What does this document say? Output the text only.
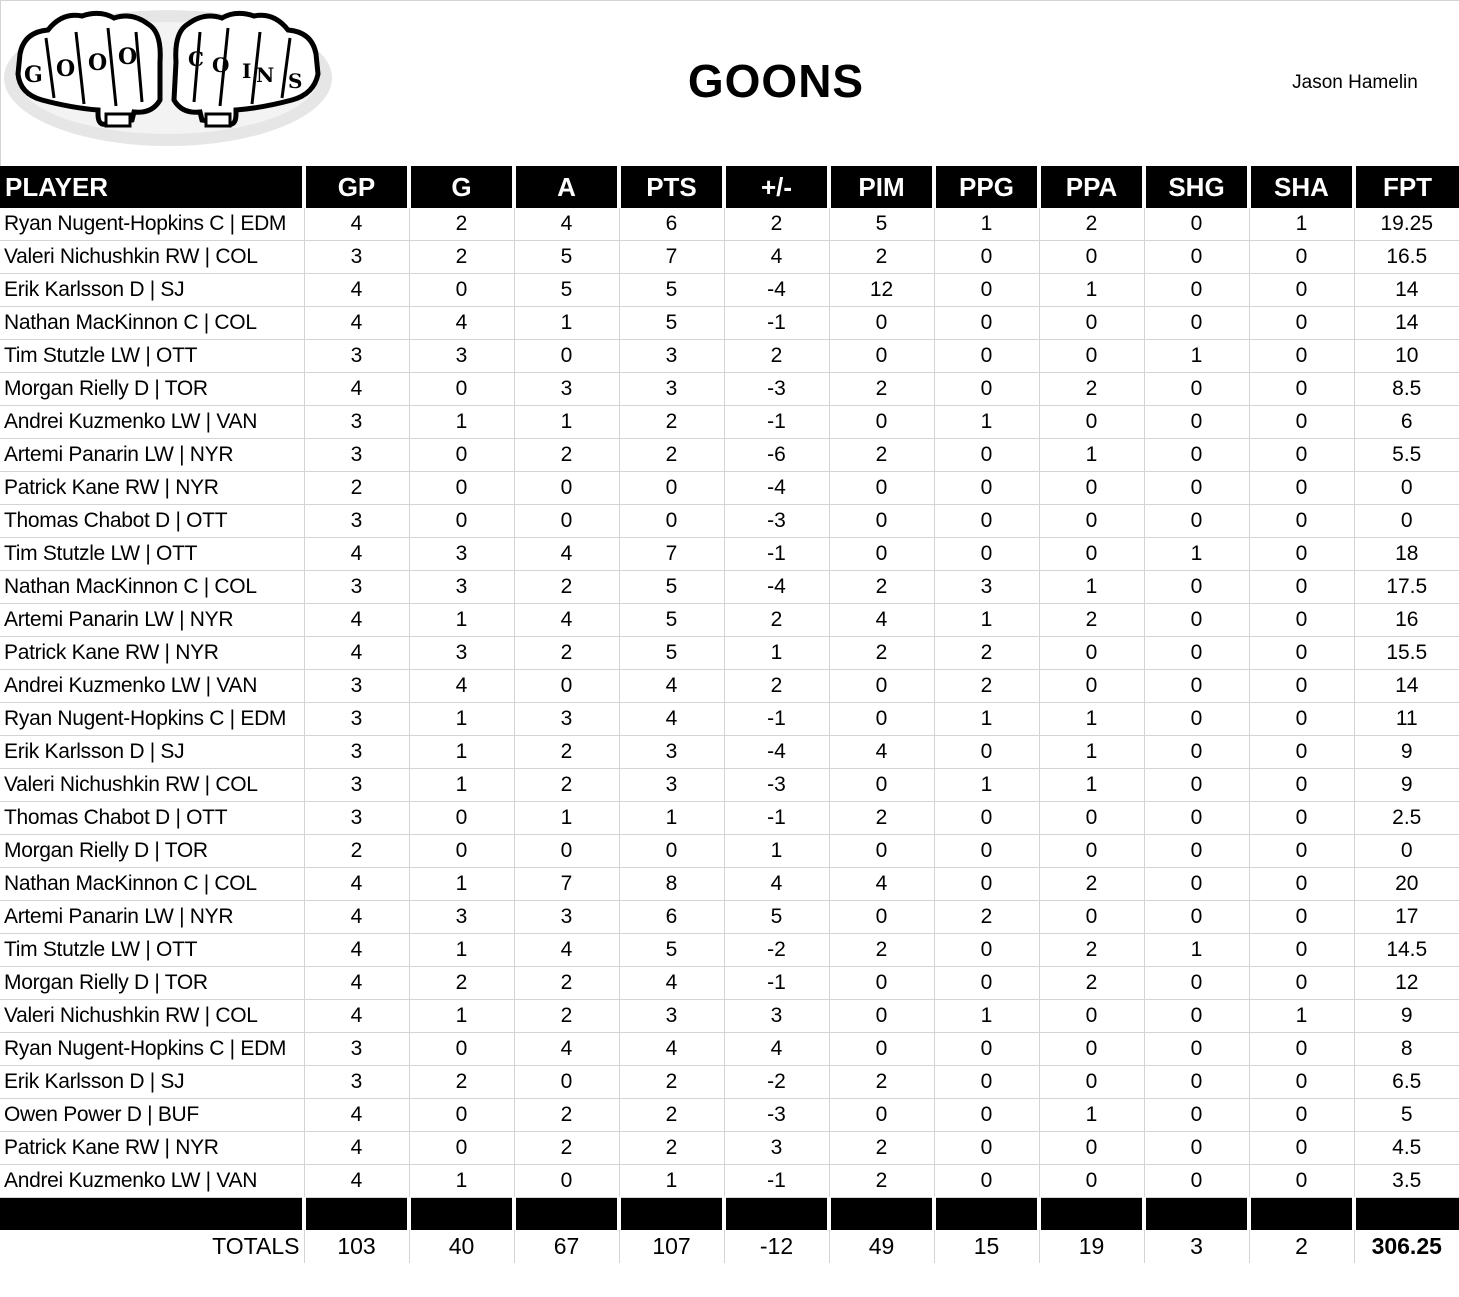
G O O O	C O I N S	GOONS	Jason Hamelin
PLAYER	GP	G	A	PTS	+/-	PIM	PPG	PPA	SHG	SHA	FPT
Ryan Nugent-Hopkins C | EDM	4	2	4	6	2	5	1	2	0	1	19.25
Valeri Nichushkin RW | COL	3	2	5	7	4	2	0	0	0	0	16.5
Erik Karlsson D | SJ	4	0	5	5	-4	12	0	1	0	0	14
Nathan MacKinnon C | COL	4	4	1	5	-1	0	0	0	0	0	14
Tim Stutzle LW | OTT	3	3	0	3	2	0	0	0	1	0	10
Morgan Rielly D | TOR	4	0	3	3	-3	2	0	2	0	0	8.5
Andrei Kuzmenko LW | VAN	3	1	1	2	-1	0	1	0	0	0	6
Artemi Panarin LW | NYR	3	0	2	2	-6	2	0	1	0	0	5.5
Patrick Kane RW | NYR	2	0	0	0	-4	0	0	0	0	0	0
Thomas Chabot D | OTT	3	0	0	0	-3	0	0	0	0	0	0
Tim Stutzle LW | OTT	4	3	4	7	-1	0	0	0	1	0	18
Nathan MacKinnon C | COL	3	3	2	5	-4	2	3	1	0	0	17.5
Artemi Panarin LW | NYR	4	1	4	5	2	4	1	2	0	0	16
Patrick Kane RW | NYR	4	3	2	5	1	2	2	0	0	0	15.5
Andrei Kuzmenko LW | VAN	3	4	0	4	2	0	2	0	0	0	14
Ryan Nugent-Hopkins C | EDM	3	1	3	4	-1	0	1	1	0	0	11
Erik Karlsson D | SJ	3	1	2	3	-4	4	0	1	0	0	9
Valeri Nichushkin RW | COL	3	1	2	3	-3	0	1	1	0	0	9
Thomas Chabot D | OTT	3	0	1	1	-1	2	0	0	0	0	2.5
Morgan Rielly D | TOR	2	0	0	0	1	0	0	0	0	0	0
Nathan MacKinnon C | COL	4	1	7	8	4	4	0	2	0	0	20
Artemi Panarin LW | NYR	4	3	3	6	5	0	2	0	0	0	17
Tim Stutzle LW | OTT	4	1	4	5	-2	2	0	2	1	0	14.5
Morgan Rielly D | TOR	4	2	2	4	-1	0	0	2	0	0	12
Valeri Nichushkin RW | COL	4	1	2	3	3	0	1	0	0	1	9
Ryan Nugent-Hopkins C | EDM	3	0	4	4	4	0	0	0	0	0	8
Erik Karlsson D | SJ	3	2	0	2	-2	2	0	0	0	0	6.5
Owen Power D | BUF	4	0	2	2	-3	0	0	1	0	0	5
Patrick Kane RW | NYR	4	0	2	2	3	2	0	0	0	0	4.5
Andrei Kuzmenko LW | VAN	4	1	0	1	-1	2	0	0	0	0	3.5

TOTALS	103	40	67	107	-12	49	15	19	3	2	306.25
